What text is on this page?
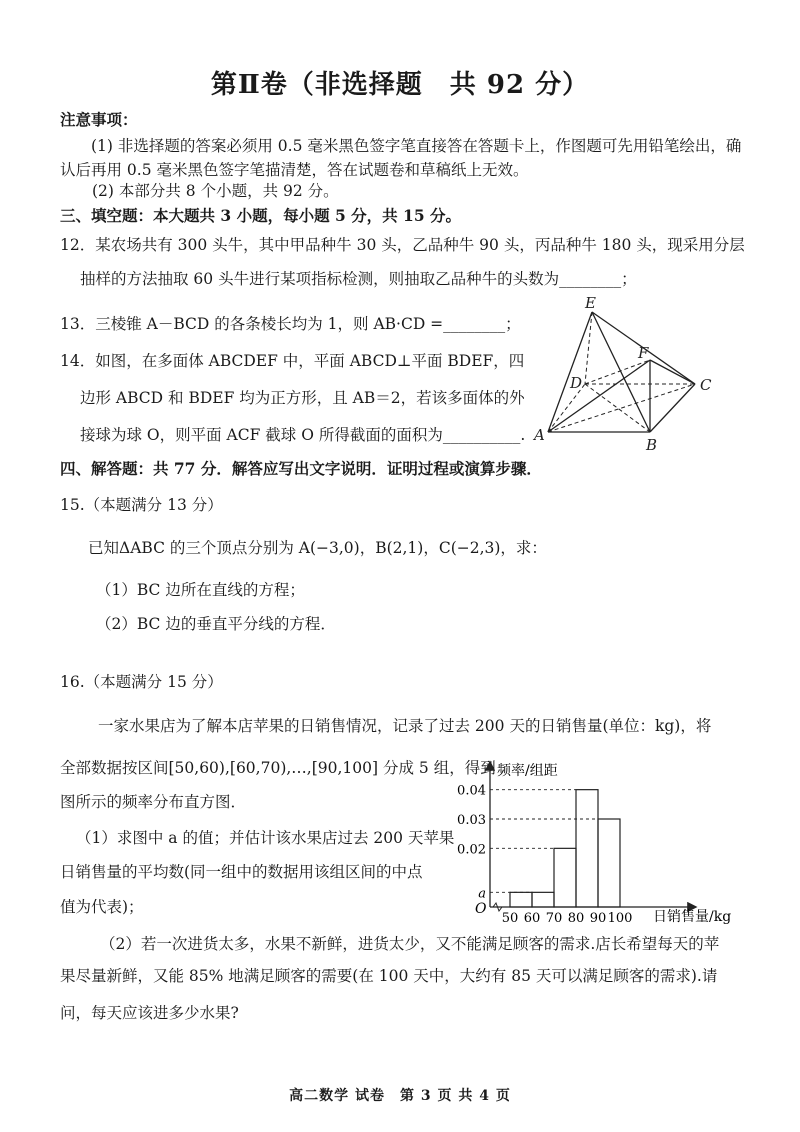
第Ⅱ卷（非选择题　共 92 分）
注意事项：
(1) 非选择题的答案必须用 0.5 毫米黑色签字笔直接答在答题卡上，作图题可先用铅笔绘出，确认后再用 0.5 毫米黑色签字笔描清楚，答在试题卷和草稿纸上无效。
(2) 本部分共 8 个小题，共 92 分。
三、填空题：本大题共 3 小题，每小题 5 分，共 15 分。
12．某农场共有 300 头牛，其中甲品种牛 30 头，乙品种牛 90 头，丙品种牛 180 头，现采用分层
抽样的方法抽取 60 头牛进行某项指标检测，则抽取乙品种牛的头数为________；
13．三棱锥 A－BCD 的各条棱长均为 1，则 AB·CD =________；
14．如图，在多面体 ABCDEF 中，平面 ABCD⊥平面 BDEF，四
边形 ABCD 和 BDEF 均为正方形，且 AB＝2，若该多面体的外
接球为球 O，则平面 ACF 截球 O 所得截面的面积为__________.
E
F
D	C
A
B
四、解答题：共 77 分．解答应写出文字说明．证明过程或演算步骤．
15.（本题满分 13 分）
已知ΔABC 的三个顶点分别为 A(−3,0)，B(2,1)，C(−2,3)，求：
（1）BC 边所在直线的方程；
（2）BC 边的垂直平分线的方程．
16.（本题满分 15 分）
一家水果店为了解本店苹果的日销售情况，记录了过去 200 天的日销售量(单位：kg)，将
全部数据按区间[50,60),[60,70),…,[90,100] 分成 5 组，得到
图所示的频率分布直方图．
（1）求图中 a 的值；并估计该水果店过去 200 天苹果
日销售量的平均数(同一组中的数据用该组区间的中点
值为代表)；
（2）若一次进货太多，水果不新鲜，进货太少，又不能满足顾客的需求.店长希望每天的苹
果尽量新鲜，又能 85% 地满足顾客的需要(在 100 天中，大约有 85 天可以满足顾客的需求).请
问，每天应该进多少水果?
频率/组距
O	日销售量/kg
a
0.02
0.03
0.04
50 60 70 80 90 100
高二数学 试卷　第 3 页 共 4 页
